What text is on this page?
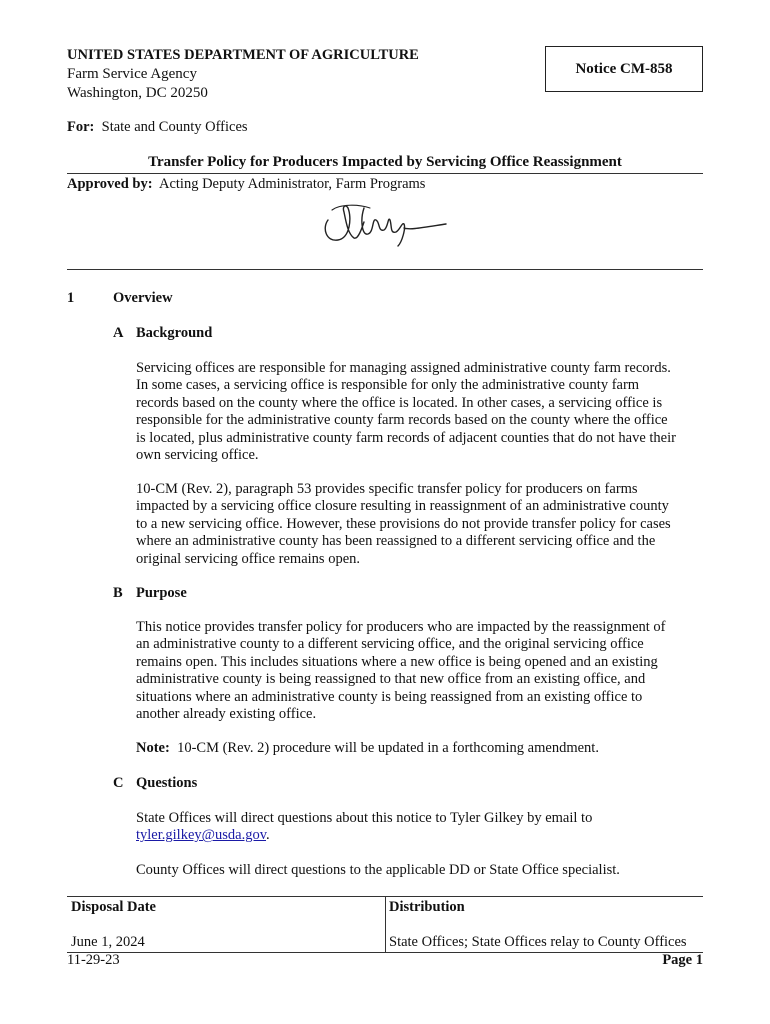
UNITED STATES DEPARTMENT OF AGRICULTURE
Farm Service Agency
Washington, DC 20250
Notice CM-858
For: State and County Offices
Transfer Policy for Producers Impacted by Servicing Office Reassignment
Approved by: Acting Deputy Administrator, Farm Programs
1	Overview
A Background
Servicing offices are responsible for managing assigned administrative county farm records.
In some cases, a servicing office is responsible for only the administrative county farm
records based on the county where the office is located. In other cases, a servicing office is
responsible for the administrative county farm records based on the county where the office
is located, plus administrative county farm records of adjacent counties that do not have their
own servicing office.
10-CM (Rev. 2), paragraph 53 provides specific transfer policy for producers on farms
impacted by a servicing office closure resulting in reassignment of an administrative county
to a new servicing office. However, these provisions do not provide transfer policy for cases
where an administrative county has been reassigned to a different servicing office and the
original servicing office remains open.
B Purpose
This notice provides transfer policy for producers who are impacted by the reassignment of
an administrative county to a different servicing office, and the original servicing office
remains open. This includes situations where a new office is being opened and an existing
administrative county is being reassigned to that new office from an existing office, and
situations where an administrative county is being reassigned from an existing office to
another already existing office.
Note: 10-CM (Rev. 2) procedure will be updated in a forthcoming amendment.
C Questions
State Offices will direct questions about this notice to Tyler Gilkey by email to
tyler.gilkey@usda.gov.
County Offices will direct questions to the applicable DD or State Office specialist.
Disposal Date
June 1, 2024
Distribution
State Offices; State Offices relay to County Offices
11-29-23	Page 1
